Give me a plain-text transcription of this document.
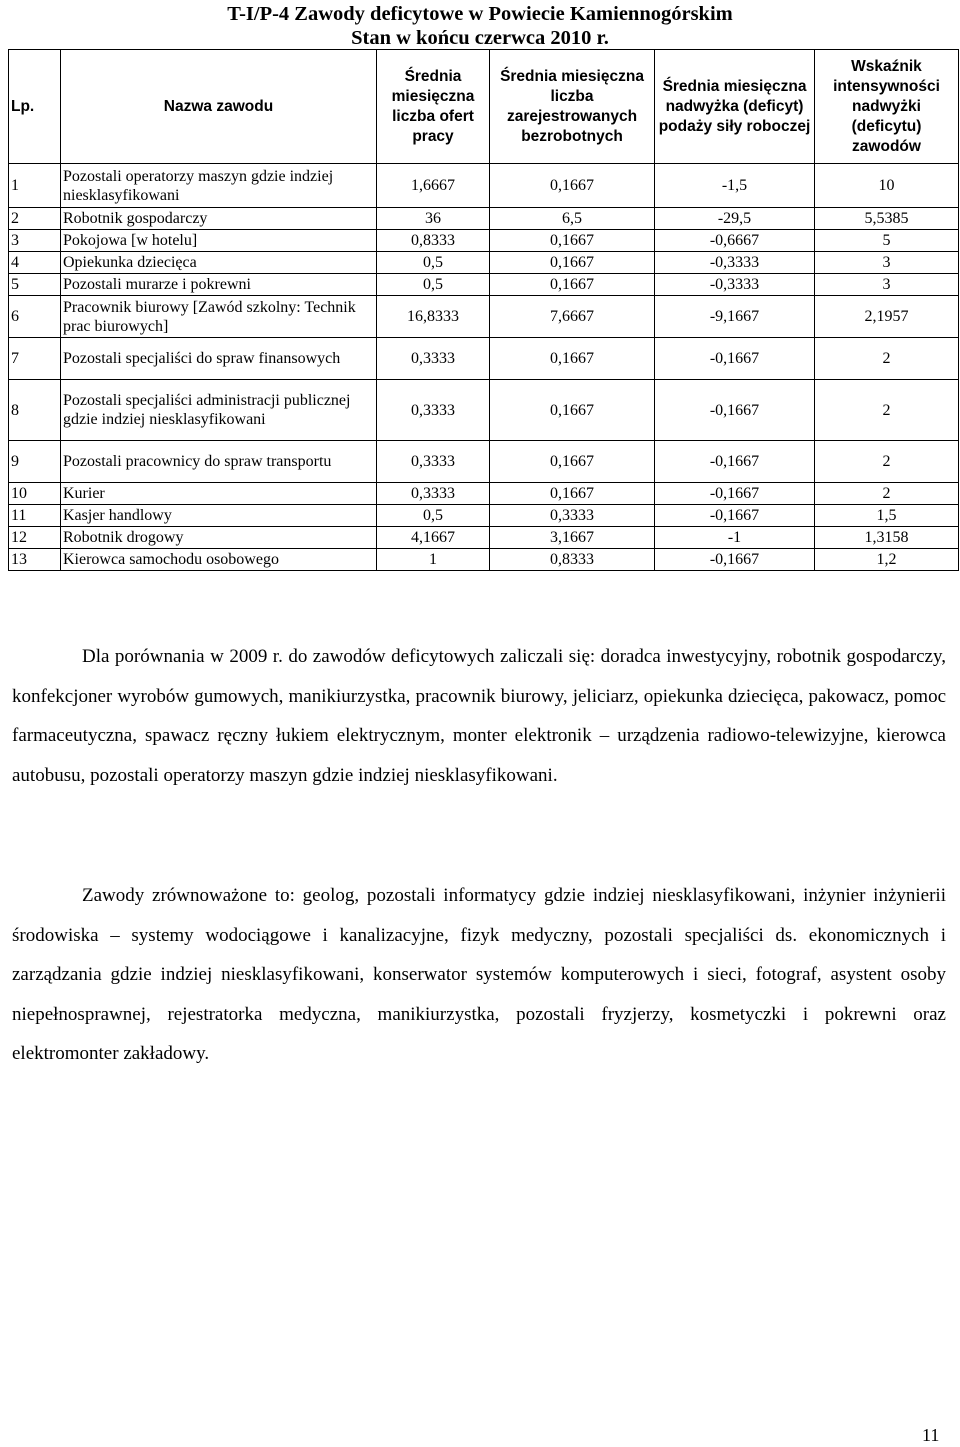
T-I/P-4 Zawody deficytowe w Powiecie Kamiennogórskim
Stan w końcu czerwca 2010 r.
Lp.	Nazwa zawodu	Średnia miesięczna liczba ofert pracy	Średnia miesięczna liczba zarejestrowanych bezrobotnych	Średnia miesięczna nadwyżka (deficyt) podaży siły roboczej	Wskaźnik intensywności nadwyżki (deficytu) zawodów
1	Pozostali operatorzy maszyn gdzie indziej niesklasyfikowani	1,6667	0,1667	-1,5	10
2	Robotnik gospodarczy	36	6,5	-29,5	5,5385
3	Pokojowa [w hotelu]	0,8333	0,1667	-0,6667	5
4	Opiekunka dziecięca	0,5	0,1667	-0,3333	3
5	Pozostali murarze i pokrewni	0,5	0,1667	-0,3333	3
6	Pracownik biurowy [Zawód szkolny: Technik prac biurowych]	16,8333	7,6667	-9,1667	2,1957
7	Pozostali specjaliści do spraw finansowych	0,3333	0,1667	-0,1667	2
8	Pozostali specjaliści administracji publicznej gdzie indziej niesklasyfikowani	0,3333	0,1667	-0,1667	2
9	Pozostali pracownicy do spraw transportu	0,3333	0,1667	-0,1667	2
10	Kurier	0,3333	0,1667	-0,1667	2
11	Kasjer handlowy	0,5	0,3333	-0,1667	1,5
12	Robotnik drogowy	4,1667	3,1667	-1	1,3158
13	Kierowca samochodu osobowego	1	0,8333	-0,1667	1,2

Dla porównania w 2009 r. do zawodów deficytowych zaliczali się: doradca inwestycyjny, robotnik gospodarczy, konfekcjoner wyrobów gumowych, manikiurzystka, pracownik biurowy, jeliciarz, opiekunka dziecięca, pakowacz, pomoc farmaceutyczna, spawacz ręczny łukiem elektrycznym, monter elektronik – urządzenia radiowo-telewizyjne, kierowca autobusu, pozostali operatorzy maszyn gdzie indziej niesklasyfikowani.

Zawody zrównoważone to: geolog, pozostali informatycy gdzie indziej niesklasyfikowani, inżynier inżynierii środowiska – systemy wodociągowe i kanalizacyjne, fizyk medyczny, pozostali specjaliści ds. ekonomicznych i zarządzania gdzie indziej niesklasyfikowani, konserwator systemów komputerowych i sieci, fotograf, asystent osoby niepełnosprawnej, rejestratorka medyczna, manikiurzystka, pozostali fryzjerzy, kosmetyczki i pokrewni oraz elektromonter zakładowy.

11
